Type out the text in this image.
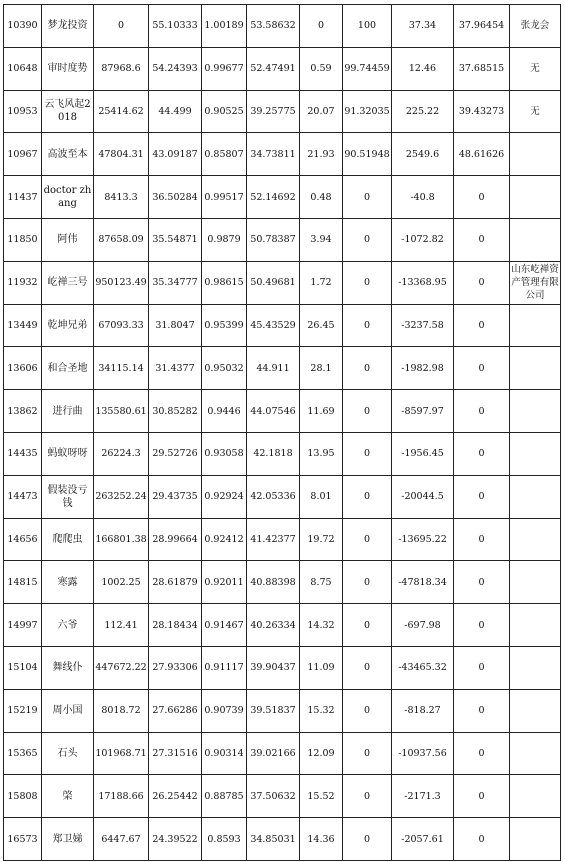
10390	梦龙投资	0	55.10333	1.00189	53.58632	0	100	37.34	37.96454	张龙会
10648	审时度势	87968.6	54.24393	0.99677	52.47491	0.59	99.74459	12.46	37.68515	无
10953	云飞风起2018	25414.62	44.499	0.90525	39.25775	20.07	91.32035	225.22	39.43273	无
10967	高波至本	47804.31	43.09187	0.85807	34.73811	21.93	90.51948	2549.6	48.61626	
11437	doctor zhang	8413.3	36.50284	0.99517	52.14692	0.48	0	-40.8	0	
11850	阿伟	87658.09	35.54871	0.9879	50.78387	3.94	0	-1072.82	0	
11932	屹禅三号	950123.49	35.34777	0.98615	50.49681	1.72	0	-13368.95	0	山东屹禅资产管理有限公司
13449	乾坤兄弟	67093.33	31.8047	0.95399	45.43529	26.45	0	-3237.58	0	
13606	和合圣地	34115.14	31.4377	0.95032	44.911	28.1	0	-1982.98	0	
13862	进行曲	135580.61	30.85282	0.9446	44.07546	11.69	0	-8597.97	0	
14435	蚂蚁呀呀	26224.3	29.52726	0.93058	42.1818	13.95	0	-1956.45	0	
14473	假装没亏钱	263252.24	29.43735	0.92924	42.05336	8.01	0	-20044.5	0	
14656	爬爬虫	166801.38	28.99664	0.92412	41.42377	19.72	0	-13695.22	0	
14815	寒露	1002.25	28.61879	0.92011	40.88398	8.75	0	-47818.34	0	
14997	六爷	112.41	28.18434	0.91467	40.26334	14.32	0	-697.98	0	
15104	舞线仆	447672.22	27.93306	0.91117	39.90437	11.09	0	-43465.32	0	
15219	周小国	8018.72	27.66286	0.90739	39.51837	15.32	0	-818.27	0	
15365	石头	101968.71	27.31516	0.90314	39.02166	12.09	0	-10937.56	0	
15808	棨	17188.66	26.25442	0.88785	37.50632	15.52	0	-2171.3	0	
16573	郑卫娣	6447.67	24.39522	0.8593	34.85031	14.36	0	-2057.61	0	
